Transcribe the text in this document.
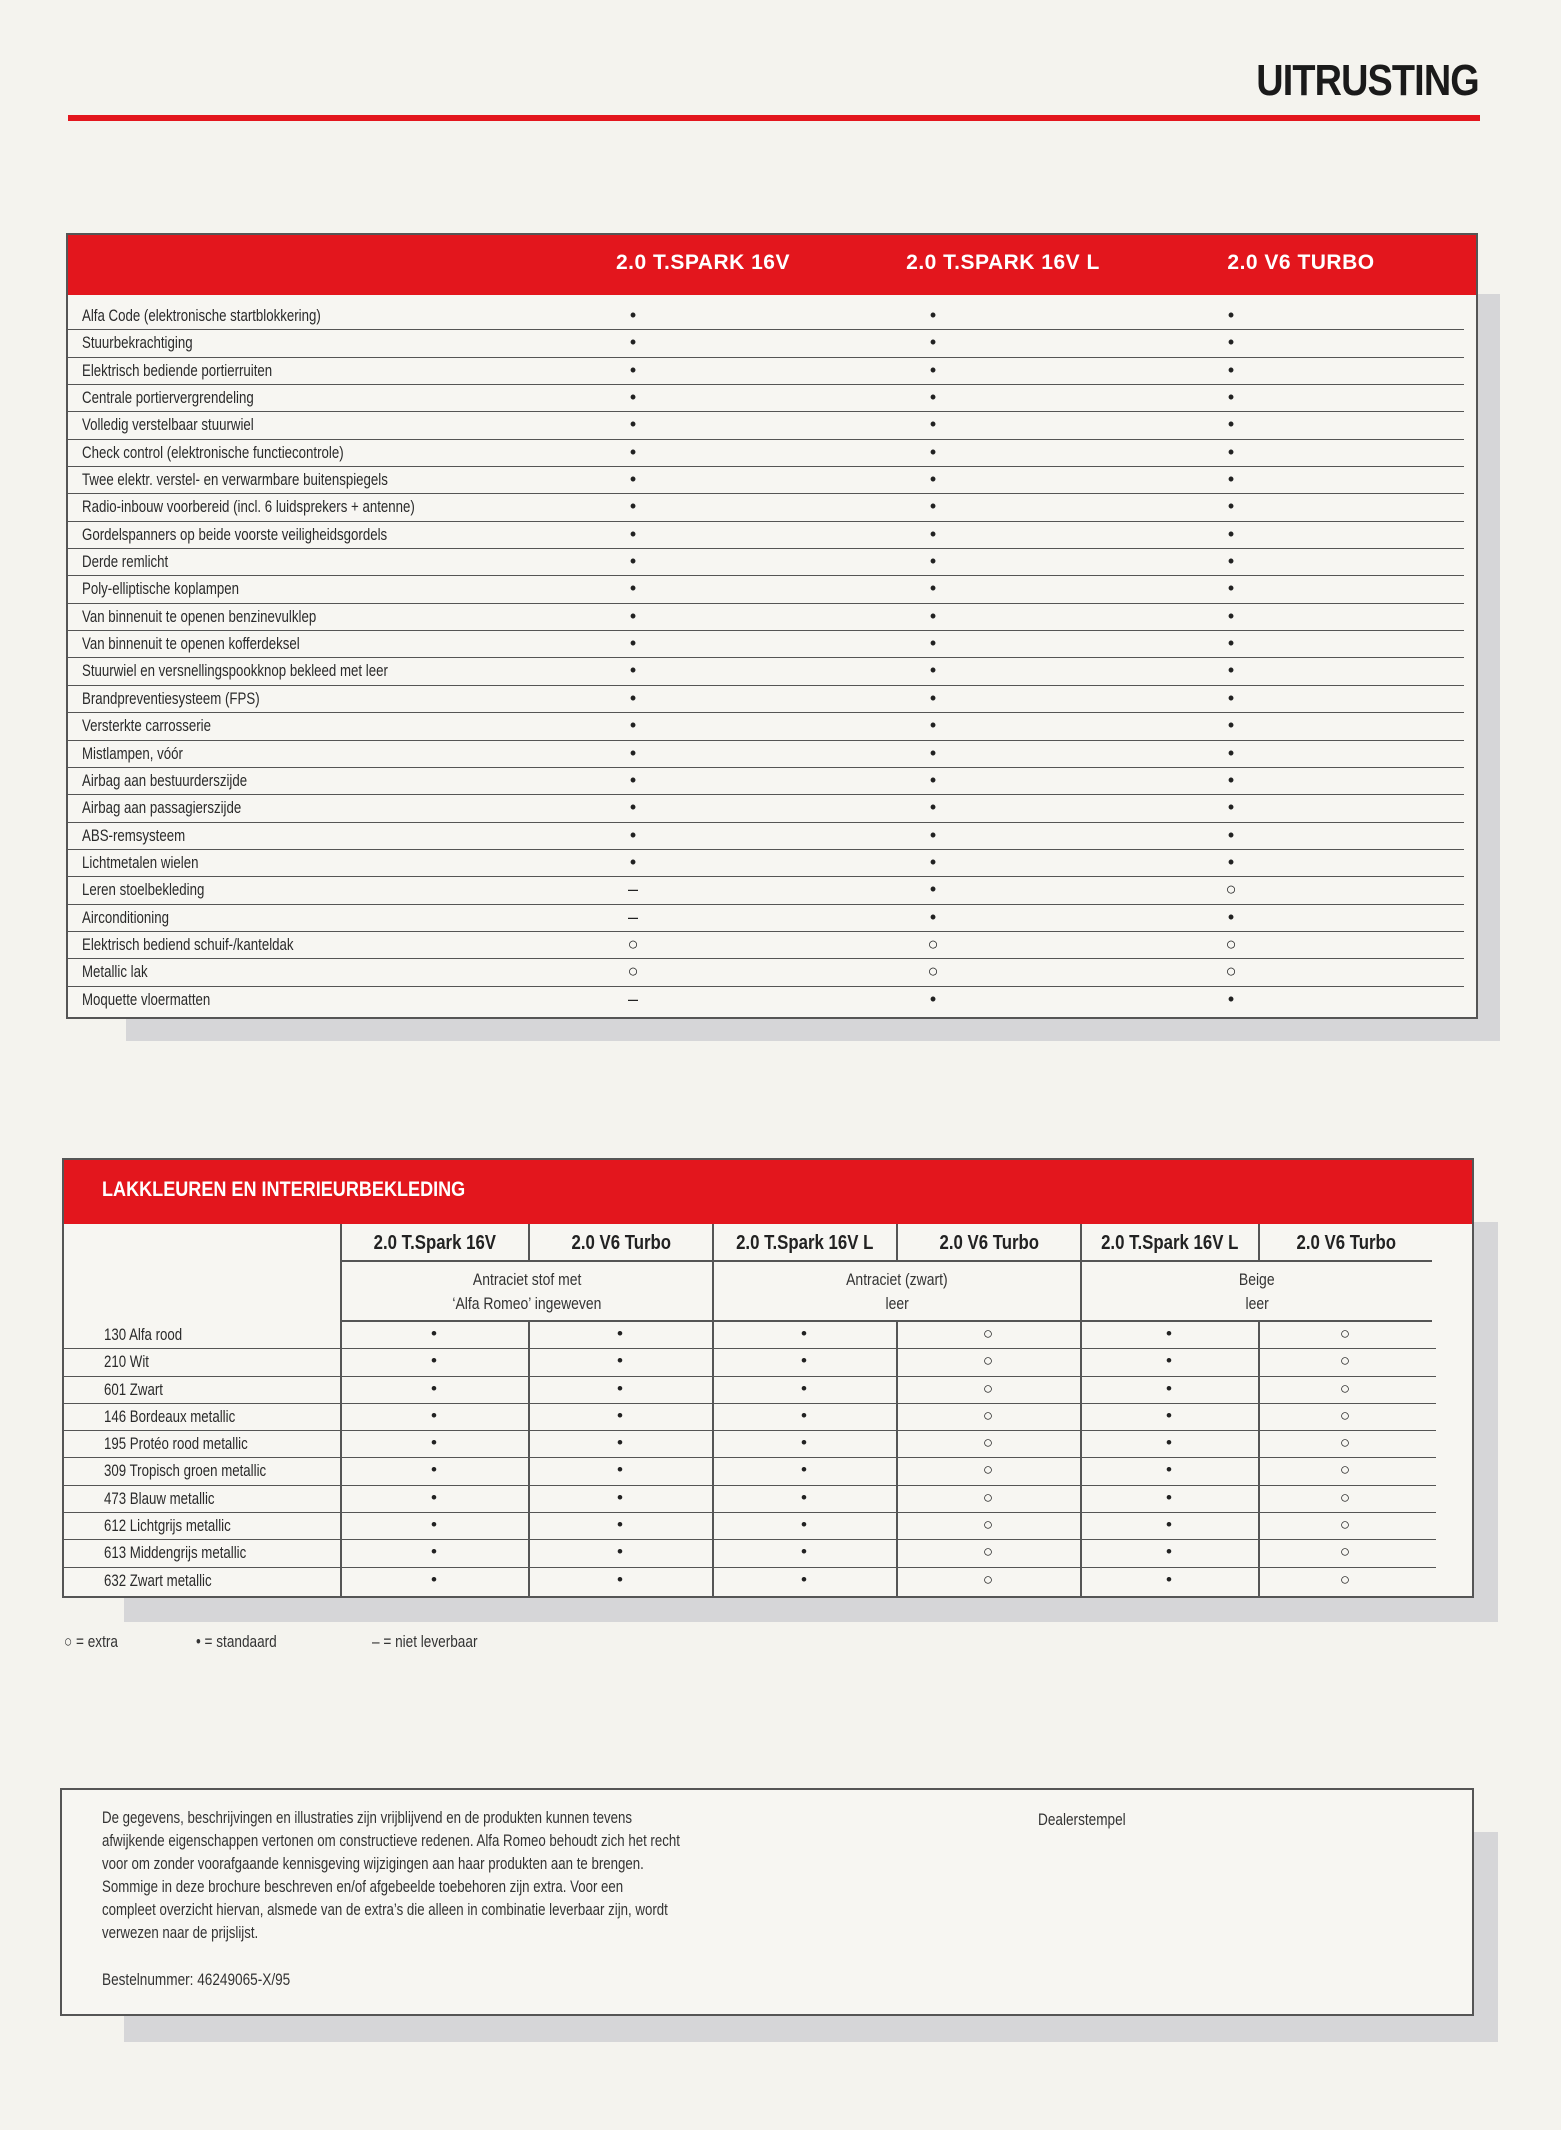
UITRUSTING
2.0 T.SPARK 16V	2.0 T.SPARK 16V L	2.0 V6 TURBO
Alfa Code (elektronische startblokkering)	•	•	•
Stuurbekrachtiging	•	•	•
Elektrisch bediende portierruiten	•	•	•
Centrale portiervergrendeling	•	•	•
Volledig verstelbaar stuurwiel	•	•	•
Check control (elektronische functiecontrole)	•	•	•
Twee elektr. verstel- en verwarmbare buitenspiegels	•	•	•
Radio-inbouw voorbereid (incl. 6 luidsprekers + antenne)	•	•	•
Gordelspanners op beide voorste veiligheidsgordels	•	•	•
Derde remlicht	•	•	•
Poly-elliptische koplampen	•	•	•
Van binnenuit te openen benzinevulklep	•	•	•
Van binnenuit te openen kofferdeksel	•	•	•
Stuurwiel en versnellingspookknop bekleed met leer	•	•	•
Brandpreventiesysteem (FPS)	•	•	•
Versterkte carrosserie	•	•	•
Mistlampen, vóór	•	•	•
Airbag aan bestuurderszijde	•	•	•
Airbag aan passagierszijde	•	•	•
ABS-remsysteem	•	•	•
Lichtmetalen wielen	•	•	•
Leren stoelbekleding	–	•	○
Airconditioning	–	•	•
Elektrisch bediend schuif-/kanteldak	○	○	○
Metallic lak	○	○	○
Moquette vloermatten	–	•	•
LAKKLEUREN EN INTERIEURBEKLEDING
2.0 T.Spark 16V	2.0 V6 Turbo	2.0 T.Spark 16V L	2.0 V6 Turbo	2.0 T.Spark 16V L	2.0 V6 Turbo
Antraciet stof met
‘Alfa Romeo’ ingeweven
Antraciet (zwart)
leer
Beige
leer
130 Alfa rood	•	•	•	○	•	○
210 Wit	•	•	•	○	•	○
601 Zwart	•	•	•	○	•	○
146 Bordeaux metallic	•	•	•	○	•	○
195 Protéo rood metallic	•	•	•	○	•	○
309 Tropisch groen metallic	•	•	•	○	•	○
473 Blauw metallic	•	•	•	○	•	○
612 Lichtgrijs metallic	•	•	•	○	•	○
613 Middengrijs metallic	•	•	•	○	•	○
632 Zwart metallic	•	•	•	○	•	○
○ = extra	• = standaard	– = niet leverbaar

De gegevens, beschrijvingen en illustraties zijn vrijblijvend en de produkten kunnen tevens

afwijkende eigenschappen vertonen om constructieve redenen. Alfa Romeo behoudt zich het recht

voor om zonder voorafgaande kennisgeving wijzigingen aan haar produkten aan te brengen.

Sommige in deze brochure beschreven en/of afgebeelde toebehoren zijn extra. Voor een

compleet overzicht hiervan, alsmede van de extra’s die alleen in combinatie leverbaar zijn, wordt

verwezen naar de prijslijst.

Bestelnummer: 46249065-X/95
Dealerstempel
